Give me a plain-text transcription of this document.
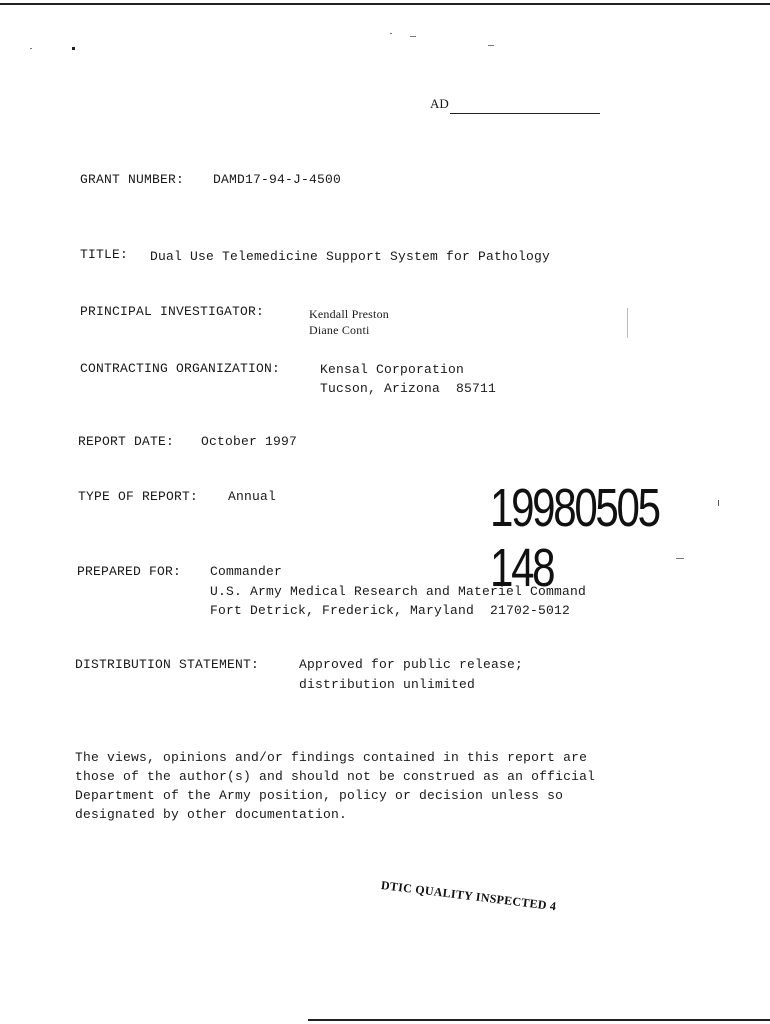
AD
GRANT NUMBER: DAMD17-94-J-4500
TITLE: Dual Use Telemedicine Support System for Pathology
PRINCIPAL INVESTIGATOR:	Kendall Preston
Diane Conti
CONTRACTING ORGANIZATION:	Kensal Corporation
Tucson, Arizona  85711
REPORT DATE: October 1997
TYPE OF REPORT: Annual	19980505 148
PREPARED FOR: Commander
U.S. Army Medical Research and Materiel Command
Fort Detrick, Frederick, Maryland  21702-5012
DISTRIBUTION STATEMENT:	Approved for public release;
distribution unlimited
The views, opinions and/or findings contained in this report are
those of the author(s) and should not be construed as an official
Department of the Army position, policy or decision unless so
designated by other documentation.
DTIC QUALITY INSPECTED 4
